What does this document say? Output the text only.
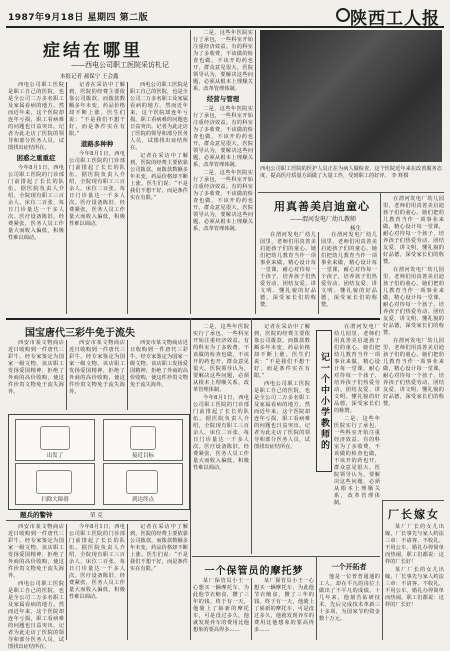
1987年9月18日 星期四 第二版	陕西工人报
症结在哪里
——西电公司职工医院采访札记
本报记者 郝保宁 王会鑫

西电公司职工医院是职工自己的医院，也是全公司二万多名职工及家属看病的地方。然而近年来，这个医院却连年亏损，职工看病难的问题也日益突出。记者为此走访了医院的领导和部分医务人员，试图找出症结所在。

困惑之重重症

今年8月1日，西电公司职工医院的门诊部门前排起了长长的队伍。据医院负责人介绍，全院现有职工三百余人，床位二百张，每日门诊量达一千多人次。医疗设备陈旧，经费紧张，医务人员工作量大而收入偏低，积极性难以调动。

记者在采访中了解到，医院的经费主要依靠公司拨款，而拨款数额多年未变，药品价格却不断上涨。医生们说：“不是我们不想干好，而是条件实在有限。”

道路多种种

今年8月1日，西电公司职工医院的门诊部门前排起了长长的队伍。据医院负责人介绍，全院现有职工三百余人，床位二百张，每日门诊量达一千多人次。医疗设备陈旧，经费紧张，医务人员工作量大而收入偏低，积极性难以调动。

西电公司职工医院是职工自己的医院，也是全公司二万多名职工及家属看病的地方。然而近年来，这个医院却连年亏损，职工看病难的问题也日益突出。记者为此走访了医院的领导和部分医务人员，试图找出症结所在。

记者在采访中了解到，医院的经费主要依靠公司拨款，而拨款数额多年未变，药品价格却不断上涨。医生们说：“不是我们不想干好，而是条件实在有限。”

二是，这些年医院实行了承包，一些科室开始注重经济效益。有的科室为了多收费，不该做的检查也做，不该开的药也开，群众意见很大。医院领导认为，要解决这些问题，必须从根本上理顺关系，改革管理体制。

经营与管理

二是，这些年医院实行了承包，一些科室开始注重经济效益。有的科室为了多收费，不该做的检查也做，不该开的药也开，群众意见很大。医院领导认为，要解决这些问题，必须从根本上理顺关系，改革管理体制。

二是，这些年医院实行了承包，一些科室开始注重经济效益。有的科室为了多收费，不该做的检查也做，不该开的药也开，群众意见很大。医院领导认为，要解决这些问题，必须从根本上理顺关系，改革管理体制。

西电公司职工医院的医护人员正在为病人做检查。这个医院近年来在改善服务态度、提高医疗质量方面做了大量工作，受到职工的好评。 李 辉摄
用真善美启迪童心
——渭河发电厂幼儿教师
杨生

在渭河发电厂幼儿园里，老师们用真善美启迪孩子们的童心。她们把幼儿教育当作一项事业来做，精心设计每一堂课，耐心对待每一个孩子，培养孩子们热爱劳动、团结友爱、讲文明、懂礼貌的好品德，深受家长们的称赞。

在渭河发电厂幼儿园里，老师们用真善美启迪孩子们的童心。她们把幼儿教育当作一项事业来做，精心设计每一堂课，耐心对待每一个孩子，培养孩子们热爱劳动、团结友爱、讲文明、懂礼貌的好品德，深受家长们的称赞。

在渭河发电厂幼儿园里，老师们用真善美启迪孩子们的童心。她们把幼儿教育当作一项事业来做，精心设计每一堂课，耐心对待每一个孩子，培养孩子们热爱劳动、团结友爱、讲文明、懂礼貌的好品德，深受家长们的称赞。

在渭河发电厂幼儿园里，老师们用真善美启迪孩子们的童心。她们把幼儿教育当作一项事业来做，精心设计每一堂课，耐心对待每一个孩子，培养孩子们热爱劳动、团结友爱、讲文明、懂礼貌的好品德，深受家长们的称赞。

在渭河发电厂幼儿园里，老师们用真善美启迪孩子们的童心。她们把幼儿教育当作一项事业来做，精心设计每一堂课，耐心对待每一个孩子，培养孩子们热爱劳动、团结友爱、讲文明、懂礼貌的好品德，深受家长们的称赞。

国宝唐代三彩牛免于流失

西安市某文物商店近日收购到一件唐代三彩牛，经专家鉴定为国家一级文物。该店职工发扬爱国精神，拒绝了外商的高价收购，使这件珍贵文物免于流失海外。

西安市某文物商店近日收购到一件唐代三彩牛，经专家鉴定为国家一级文物。该店职工发扬爱国精神，拒绝了外商的高价收购，使这件珍贵文物免于流失海外。

西安市某文物商店近日收购到一件唐代三彩牛，经专家鉴定为国家一级文物。该店职工发扬爱国精神，拒绝了外商的高价收购，使这件珍贵文物免于流失海外。

出发了	接近目标
扫除大障碍	到达终点
题兵的警钟	荣 克

二是，这些年医院实行了承包，一些科室开始注重经济效益。有的科室为了多收费，不该做的检查也做，不该开的药也开，群众意见很大。医院领导认为，要解决这些问题，必须从根本上理顺关系，改革管理体制。

今年8月1日，西电公司职工医院的门诊部门前排起了长长的队伍。据医院负责人介绍，全院现有职工三百余人，床位二百张，每日门诊量达一千多人次。医疗设备陈旧，经费紧张，医务人员工作量大而收入偏低，积极性难以调动。

记者在采访中了解到，医院的经费主要依靠公司拨款，而拨款数额多年未变，药品价格却不断上涨。医生们说：“不是我们不想干好，而是条件实在有限。”

西电公司职工医院是职工自己的医院，也是全公司二万多名职工及家属看病的地方。然而近年来，这个医院却连年亏损，职工看病难的问题也日益突出。记者为此走访了医院的领导和部分医务人员，试图找出症结所在。	记一个中小学教师的

在渭河发电厂幼儿园里，老师们用真善美启迪孩子们的童心。她们把幼儿教育当作一项事业来做，精心设计每一堂课，耐心对待每一个孩子，培养孩子们热爱劳动、团结友爱、讲文明、懂礼貌的好品德，深受家长们的称赞。

二是，这些年医院实行了承包，一些科室开始注重经济效益。有的科室为了多收费，不该做的检查也做，不该开的药也开，群众意见很大。医院领导认为，要解决这些问题，必须从根本上理顺关系，改革管理体制。

一个保管员的摩托梦

某厂保管员小王一心想买一辆摩托车，为此他节衣缩食，攒了三年的钱。终于有一天，他骑上了崭新的摩托车，可是没过多久，他就发现养车的费用比他想象的要高得多……

某厂保管员小王一心想买一辆摩托车，为此他节衣缩食，攒了三年的钱。终于有一天，他骑上了崭新的摩托车，可是没过多久，他就发现养车的费用比他想象的要高得多……

一个开拓者

他是一位普普通通的工人，却在平凡的岗位上做出了不平凡的成绩。十几年来，他刻苦钻研技术，先后完成技术革新三十多项，为国家节约资金数十万元。

西安市某文物商店近日收购到一件唐代三彩牛，经专家鉴定为国家一级文物。该店职工发扬爱国精神，拒绝了外商的高价收购，使这件珍贵文物免于流失海外。

西电公司职工医院是职工自己的医院，也是全公司二万多名职工及家属看病的地方。然而近年来，这个医院却连年亏损，职工看病难的问题也日益突出。记者为此走访了医院的领导和部分医务人员，试图找出症结所在。

今年8月1日，西电公司职工医院的门诊部门前排起了长长的队伍。据医院负责人介绍，全院现有职工三百余人，床位二百张，每日门诊量达一千多人次。医疗设备陈旧，经费紧张，医务人员工作量大而收入偏低，积极性难以调动。

记者在采访中了解到，医院的经费主要依靠公司拨款，而拨款数额多年未变，药品价格却不断上涨。医生们说：“不是我们不想干好，而是条件实在有限。”

厂长嫁女

某厂厂长的女儿出嫁，厂长事先与家人约法三章：不请客、不收礼、不用公车。婚礼办得简单而热闹，职工们都说：这样的厂长好！

某厂厂长的女儿出嫁，厂长事先与家人约法三章：不请客、不收礼、不用公车。婚礼办得简单而热闹，职工们都说：这样的厂长好！
